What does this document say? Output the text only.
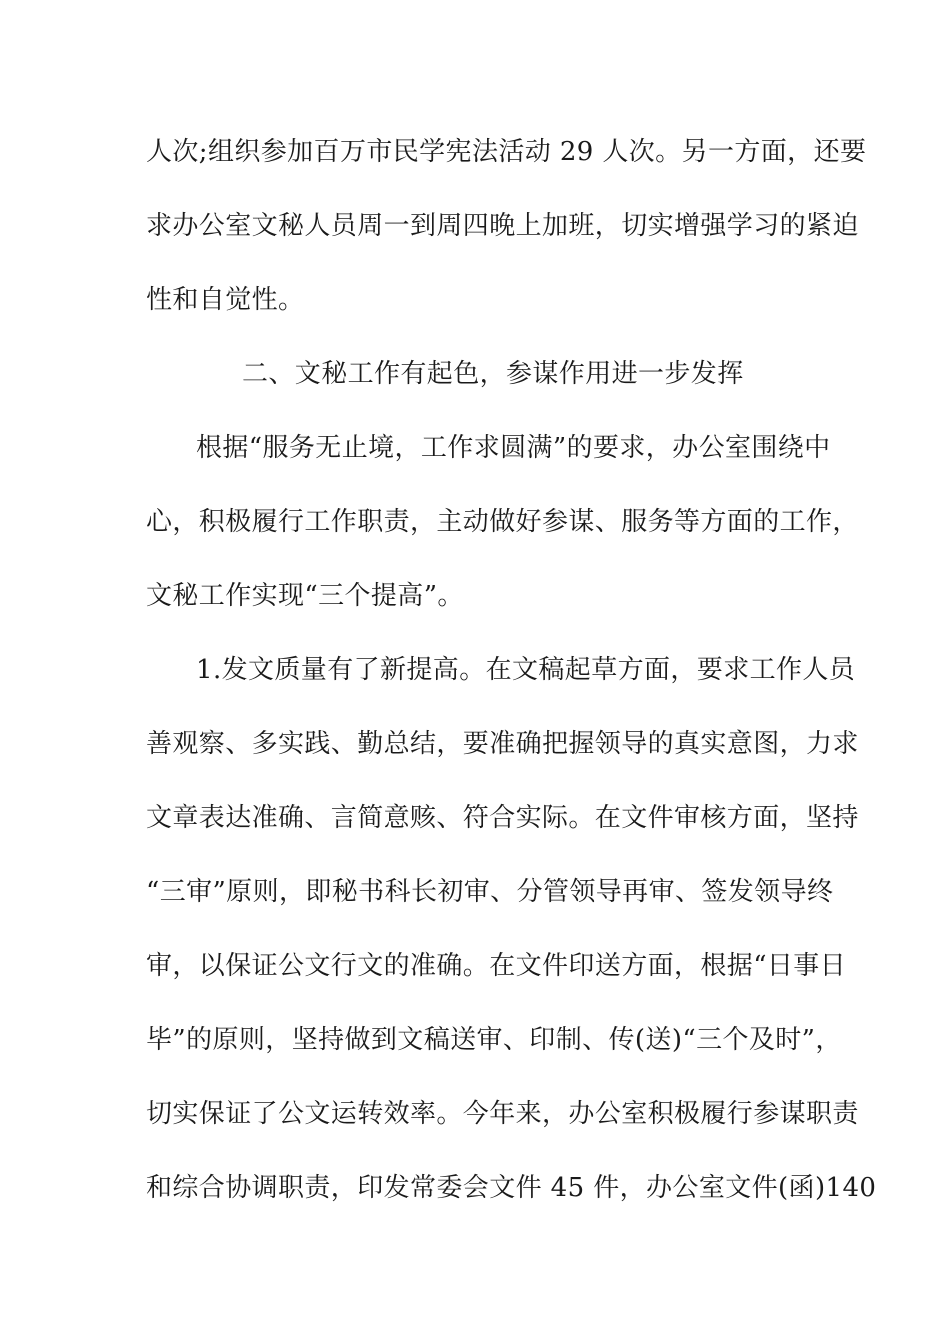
人次;组织参加百万市民学宪法活动 29 人次。另一方面，还要
求办公室文秘人员周一到周四晚上加班，切实增强学习的紧迫
性和自觉性。
二、文秘工作有起色，参谋作用进一步发挥
根据“服务无止境，工作求圆满”的要求，办公室围绕中
心，积极履行工作职责，主动做好参谋、服务等方面的工作，
文秘工作实现“三个提高”。
1.发文质量有了新提高。在文稿起草方面，要求工作人员
善观察、多实践、勤总结，要准确把握领导的真实意图，力求
文章表达准确、言简意赅、符合实际。在文件审核方面，坚持
“三审”原则，即秘书科长初审、分管领导再审、签发领导终
审，以保证公文行文的准确。在文件印送方面，根据“日事日
毕”的原则，坚持做到文稿送审、印制、传(送)“三个及时”，
切实保证了公文运转效率。今年来，办公室积极履行参谋职责
和综合协调职责，印发常委会文件 45 件，办公室文件(函)140
